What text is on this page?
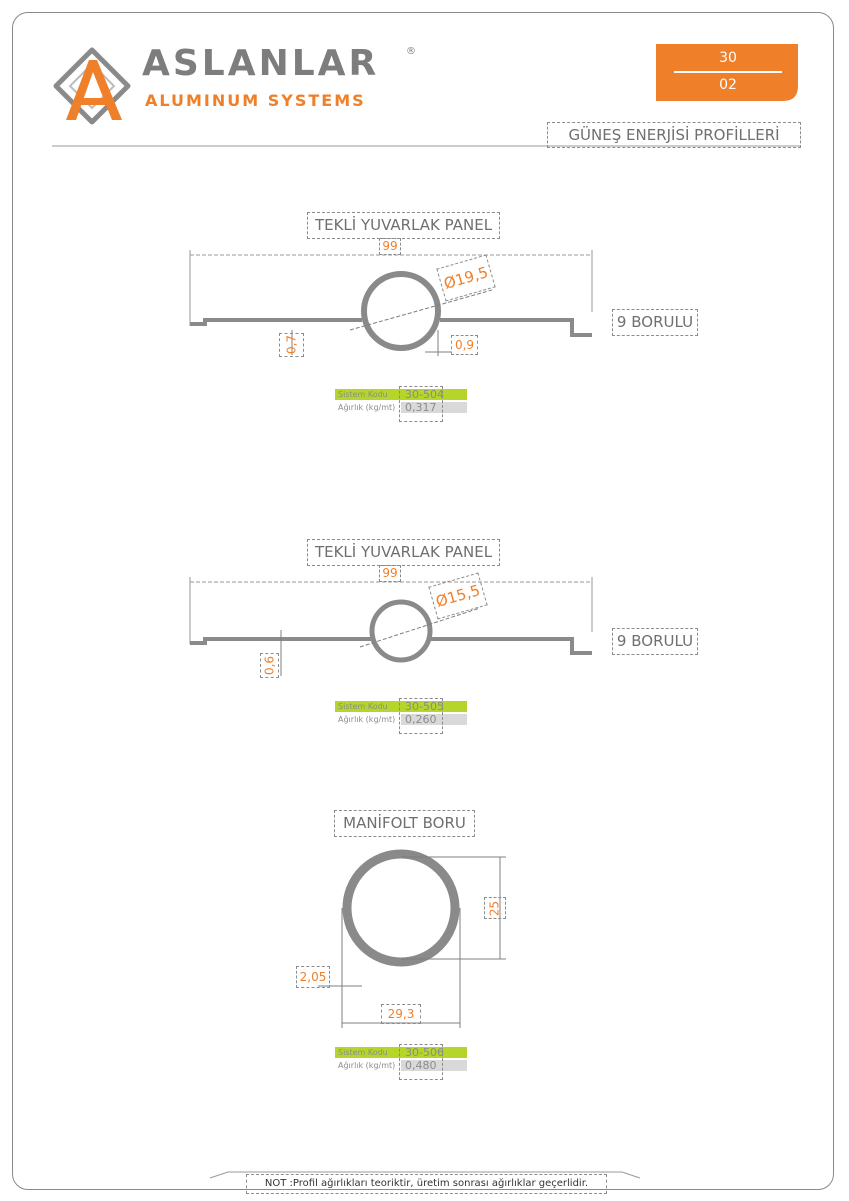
ASLANLAR	®
ALUMINUM SYSTEMS
30
02
GÜNEŞ ENERJİSİ PROFİLLERİ
TEKLİ YUVARLAK PANEL
99
Ø19,5
9 BORULU
0,7	0,9
Sistem Kodu	30-504
Ağırlık (kg/mt) 0,317
TEKLİ YUVARLAK PANEL
99
Ø15,5
9 BORULU
0,6
Sistem Kodu	30-505
Ağırlık (kg/mt) 0,260
MANİFOLT BORU
25
2,05
29,3
Sistem Kodu	30-506
Ağırlık (kg/mt) 0,480
NOT :Profil ağırlıkları teoriktir, üretim sonrası ağırlıklar geçerlidir.
